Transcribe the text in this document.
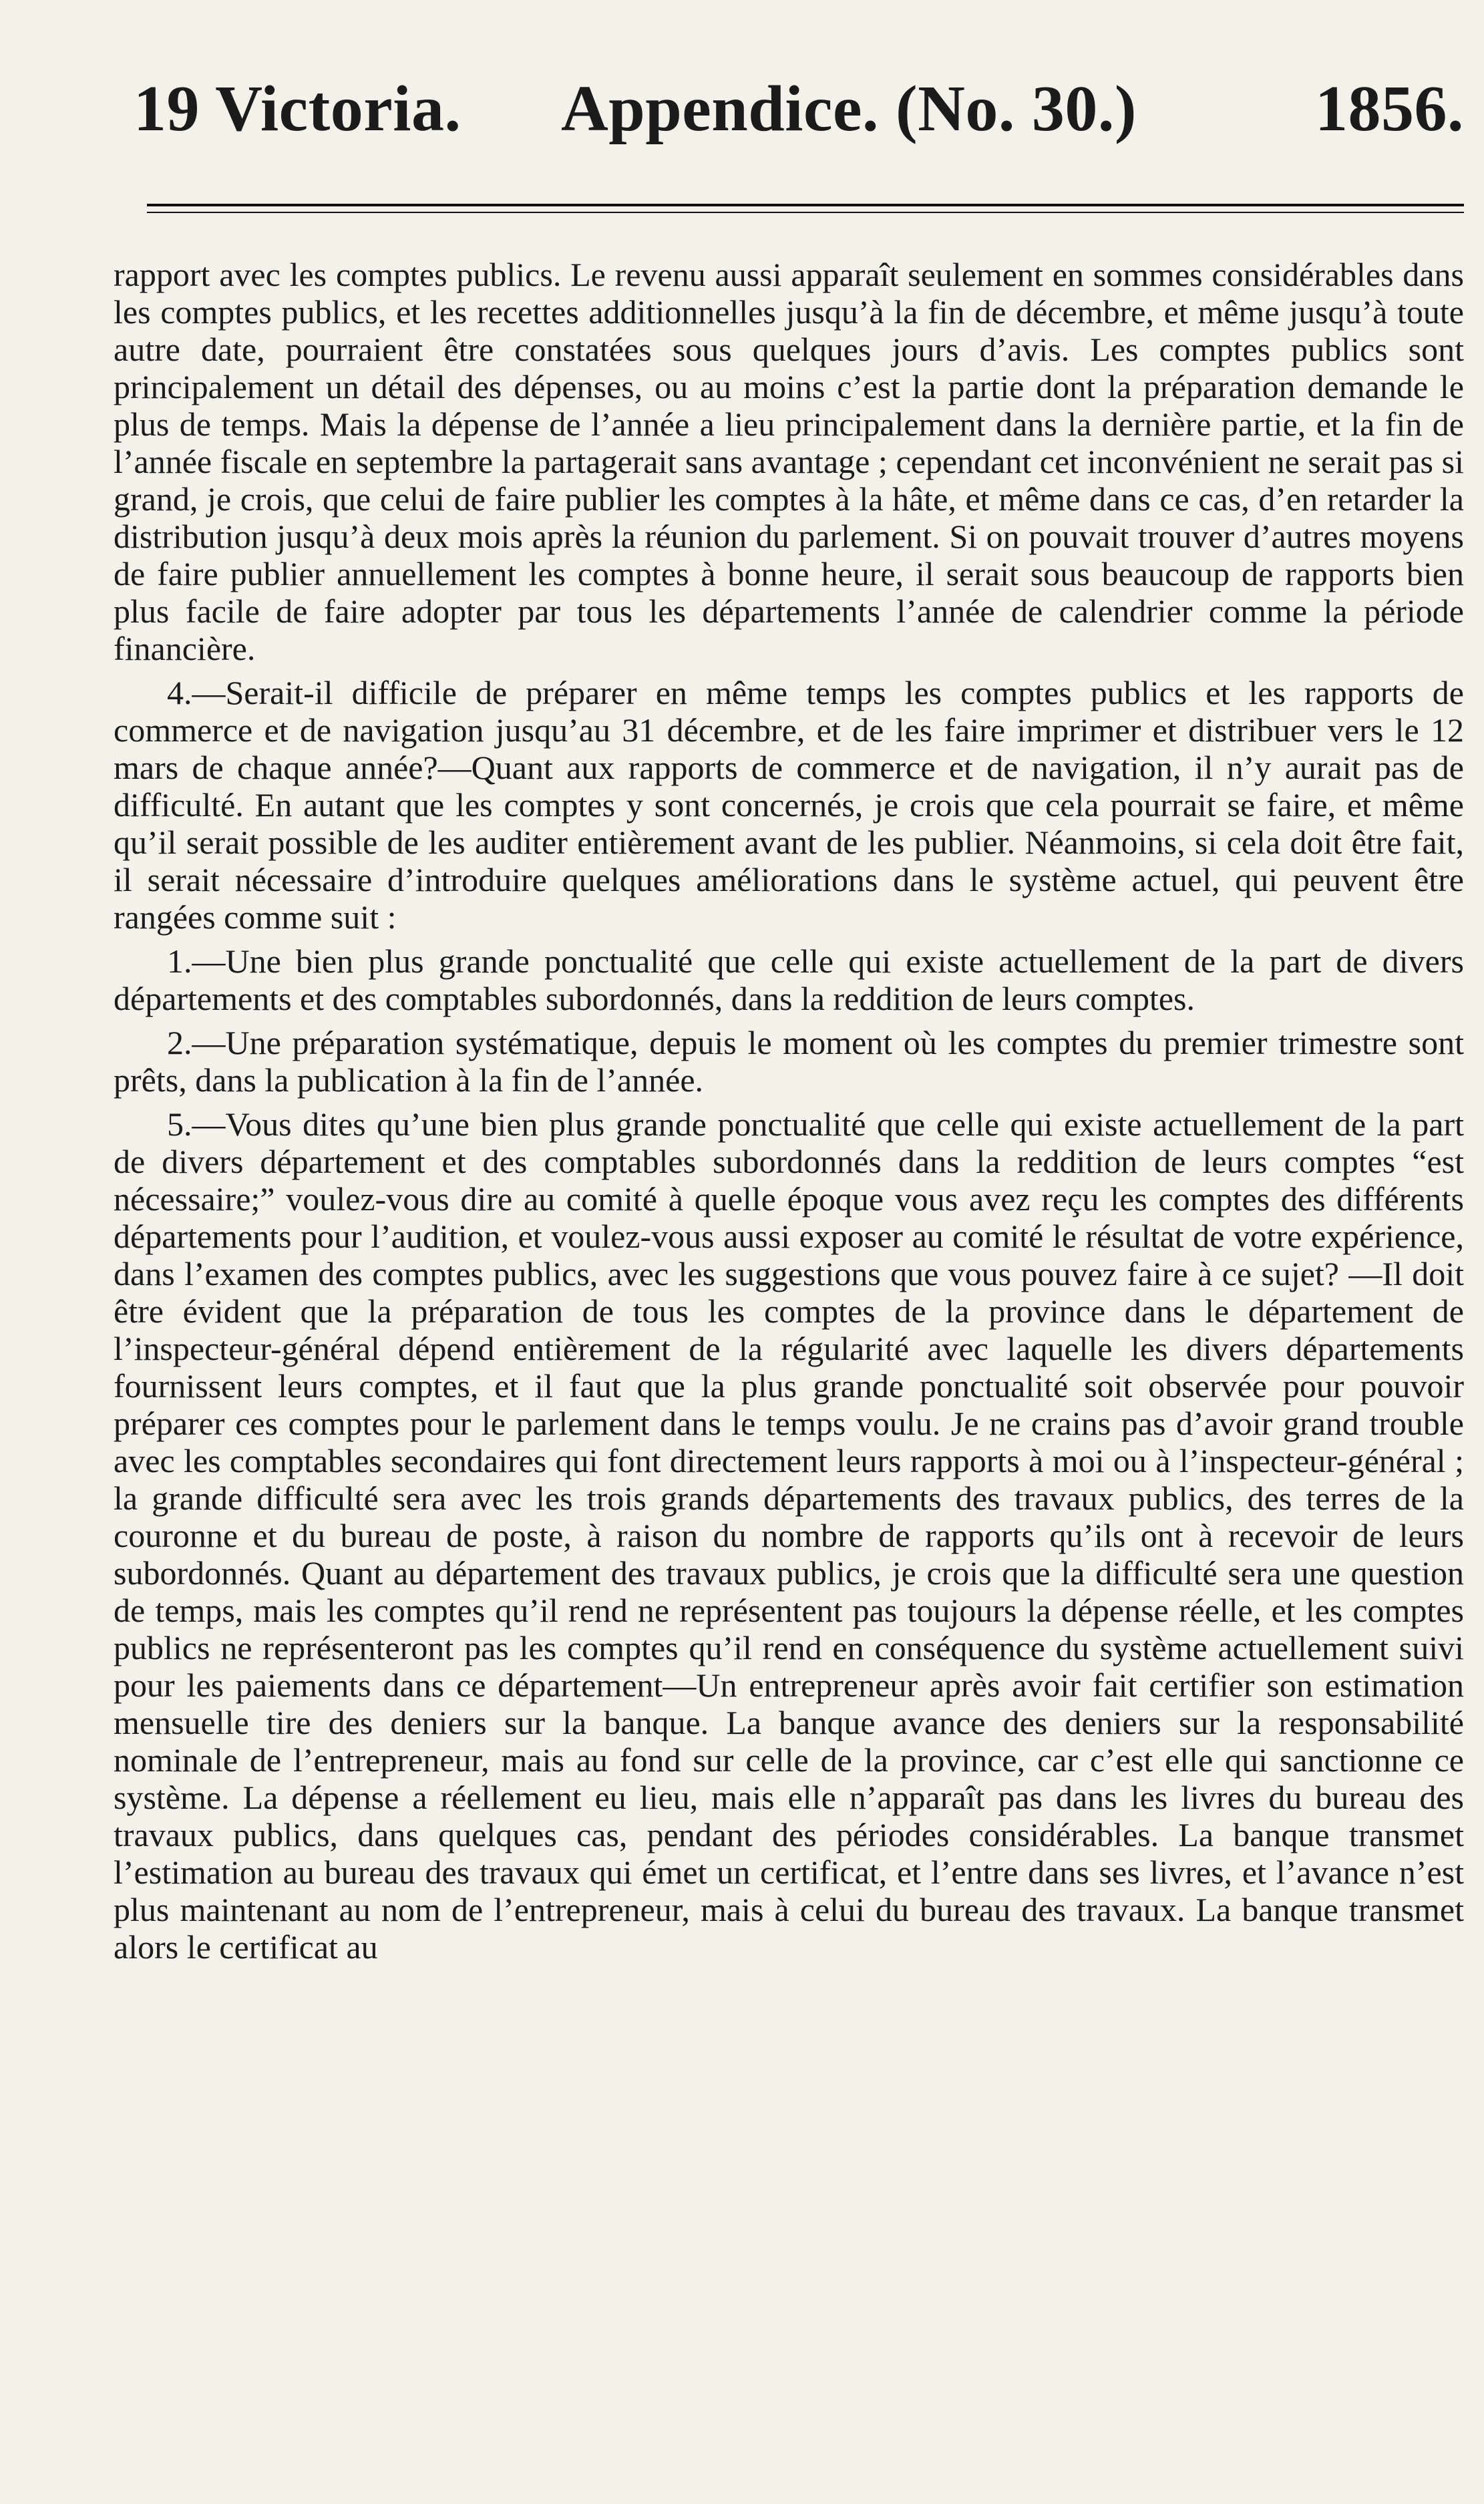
19 Victoria. Appendice. (No. 30.)	1856.

rapport avec les comptes publics. Le revenu aussi apparaît seulement en sommes considérables dans les comptes publics, et les recettes additionnelles jusqu’à la fin de décembre, et même jusqu’à toute autre date, pourraient être constatées sous quelques jours d’avis. Les comptes publics sont principalement un détail des dépenses, ou au moins c’est la partie dont la préparation demande le plus de temps. Mais la dépense de l’année a lieu principalement dans la dernière partie, et la fin de l’année fiscale en septembre la partagerait sans avantage ; cependant cet inconvénient ne serait pas si grand, je crois, que celui de faire publier les comptes à la hâte, et même dans ce cas, d’en retarder la distribution jusqu’à deux mois après la réunion du parlement. Si on pouvait trouver d’autres moyens de faire publier annuellement les comptes à bonne heure, il serait sous beaucoup de rapports bien plus facile de faire adopter par tous les départements l’année de calendrier comme la période financière.

4.—Serait-il difficile de préparer en même temps les comptes publics et les rapports de commerce et de navigation jusqu’au 31 décembre, et de les faire imprimer et distribuer vers le 12 mars de chaque année?—Quant aux rapports de commerce et de navigation, il n’y aurait pas de difficulté. En autant que les comptes y sont concernés, je crois que cela pourrait se faire, et même qu’il serait possible de les auditer entièrement avant de les publier. Néanmoins, si cela doit être fait, il serait nécessaire d’introduire quelques améliorations dans le système actuel, qui peuvent être rangées comme suit :

1.—Une bien plus grande ponctualité que celle qui existe actuellement de la part de divers départements et des comptables subordonnés, dans la reddition de leurs comptes.

2.—Une préparation systématique, depuis le moment où les comptes du premier trimestre sont prêts, dans la publication à la fin de l’année.

5.—Vous dites qu’une bien plus grande ponctualité que celle qui existe actuellement de la part de divers département et des comptables subordonnés dans la reddition de leurs comptes “est nécessaire;” voulez-vous dire au comité à quelle époque vous avez reçu les comptes des différents départements pour l’audition, et voulez-vous aussi exposer au comité le résultat de votre expérience, dans l’examen des comptes publics, avec les suggestions que vous pouvez faire à ce sujet? —Il doit être évident que la préparation de tous les comptes de la province dans le département de l’inspecteur-général dépend entièrement de la régularité avec laquelle les divers départements fournissent leurs comptes, et il faut que la plus grande ponctualité soit observée pour pouvoir préparer ces comptes pour le parlement dans le temps voulu. Je ne crains pas d’avoir grand trouble avec les comptables secondaires qui font directement leurs rapports à moi ou à l’inspecteur-général ; la grande difficulté sera avec les trois grands départements des travaux publics, des terres de la couronne et du bureau de poste, à raison du nombre de rapports qu’ils ont à recevoir de leurs subordonnés. Quant au département des travaux publics, je crois que la difficulté sera une question de temps, mais les comptes qu’il rend ne représentent pas toujours la dépense réelle, et les comptes publics ne représenteront pas les comptes qu’il rend en conséquence du système actuellement suivi pour les paiements dans ce département—Un entrepreneur après avoir fait certifier son estimation mensuelle tire des deniers sur la banque. La banque avance des deniers sur la responsabilité nominale de l’entrepreneur, mais au fond sur celle de la province, car c’est elle qui sanctionne ce système. La dépense a réellement eu lieu, mais elle n’apparaît pas dans les livres du bureau des travaux publics, dans quelques cas, pendant des périodes considérables. La banque transmet l’estimation au bureau des travaux qui émet un certificat, et l’entre dans ses livres, et l’avance n’est plus maintenant au nom de l’entrepreneur, mais à celui du bureau des travaux. La banque transmet alors le certificat au
